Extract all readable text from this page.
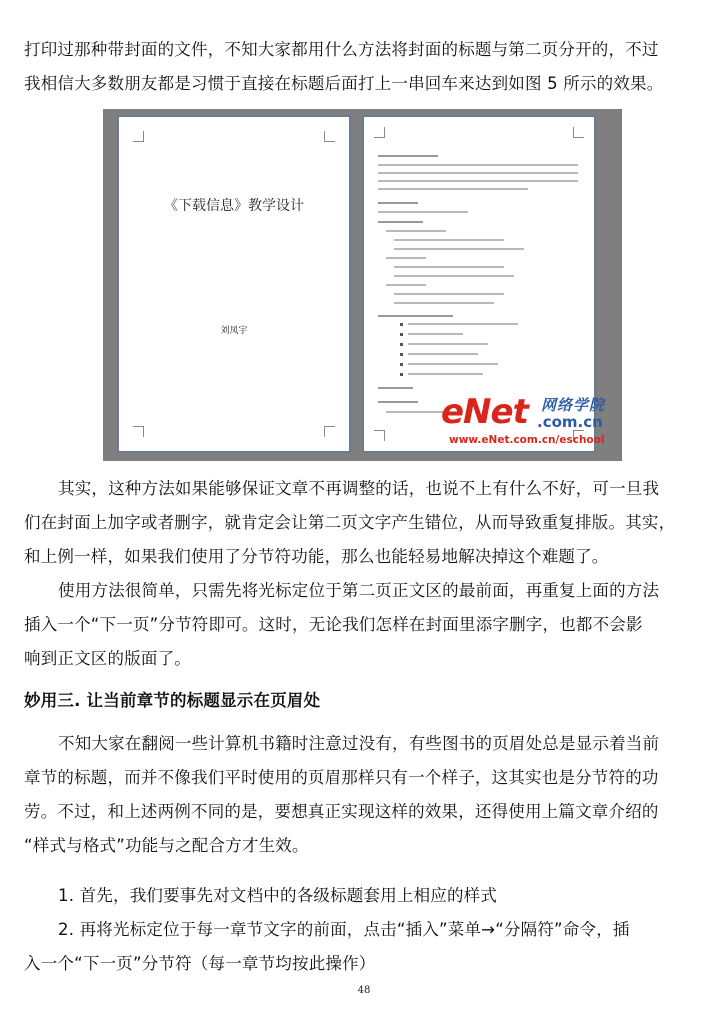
打印过那种带封面的文件，不知大家都用什么方法将封面的标题与第二页分开的，不过
我相信大多数朋友都是习惯于直接在标题后面打上一串回车来达到如图 5 所示的效果。
《下载信息》教学设计
刘凤宇
eNet 网络学院
.com.cn
www.eNet.com.cn/eschool
其实，这种方法如果能够保证文章不再调整的话，也说不上有什么不好，可一旦我
们在封面上加字或者删字，就肯定会让第二页文字产生错位，从而导致重复排版。其实，
和上例一样，如果我们使用了分节符功能，那么也能轻易地解决掉这个难题了。
使用方法很简单，只需先将光标定位于第二页正文区的最前面，再重复上面的方法
插入一个“下一页”分节符即可。这时，无论我们怎样在封面里添字删字，也都不会影
响到正文区的版面了。
妙用三. 让当前章节的标题显示在页眉处
不知大家在翻阅一些计算机书籍时注意过没有，有些图书的页眉处总是显示着当前
章节的标题，而并不像我们平时使用的页眉那样只有一个样子，这其实也是分节符的功
劳。不过，和上述两例不同的是，要想真正实现这样的效果，还得使用上篇文章介绍的
“样式与格式”功能与之配合方才生效。
1. 首先，我们要事先对文档中的各级标题套用上相应的样式
2. 再将光标定位于每一章节文字的前面，点击“插入”菜单→“分隔符”命令，插
入一个“下一页”分节符（每一章节均按此操作）
48
